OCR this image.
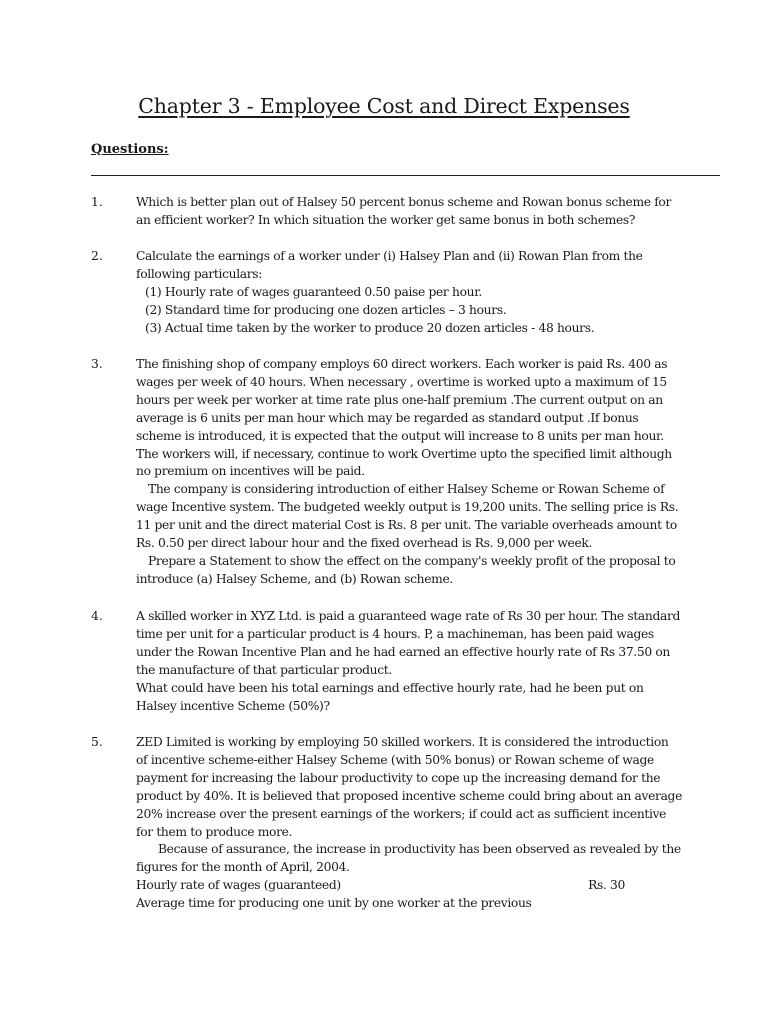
Chapter 3 - Employee Cost and Direct Expenses
Questions:
1.	Which is better plan out of Halsey 50 percent bonus scheme and Rowan bonus scheme for
an efficient worker? In which situation the worker get same bonus in both schemes?
2.	Calculate the earnings of a worker under (i) Halsey Plan and (ii) Rowan Plan from the
following particulars:
(1) Hourly rate of wages guaranteed 0.50 paise per hour.
(2) Standard time for producing one dozen articles – 3 hours.
(3) Actual time taken by the worker to produce 20 dozen articles - 48 hours.
3.	The finishing shop of company employs 60 direct workers. Each worker is paid Rs. 400 as
wages per week of 40 hours. When necessary , overtime is worked upto a maximum of 15
hours per week per worker at time rate plus one-half premium .The current output on an
average is 6 units per man hour which may be regarded as standard output .If bonus
scheme is introduced, it is expected that the output will increase to 8 units per man hour.
The workers will, if necessary, continue to work Overtime upto the specified limit although
no premium on incentives will be paid.
The company is considering introduction of either Halsey Scheme or Rowan Scheme of
wage Incentive system. The budgeted weekly output is 19,200 units. The selling price is Rs.
11 per unit and the direct material Cost is Rs. 8 per unit. The variable overheads amount to
Rs. 0.50 per direct labour hour and the fixed overhead is Rs. 9,000 per week.
Prepare a Statement to show the effect on the company's weekly profit of the proposal to
introduce (a) Halsey Scheme, and (b) Rowan scheme.
4.	A skilled worker in XYZ Ltd. is paid a guaranteed wage rate of Rs 30 per hour. The standard
time per unit for a particular product is 4 hours. P, a machineman, has been paid wages
under the Rowan Incentive Plan and he had earned an effective hourly rate of Rs 37.50 on
the manufacture of that particular product.
What could have been his total earnings and effective hourly rate, had he been put on
Halsey incentive Scheme (50%)?
5.	ZED Limited is working by employing 50 skilled workers. It is considered the introduction
of incentive scheme-either Halsey Scheme (with 50% bonus) or Rowan scheme of wage
payment for increasing the labour productivity to cope up the increasing demand for the
product by 40%. It is believed that proposed incentive scheme could bring about an average
20% increase over the present earnings of the workers; if could act as sufficient incentive
for them to produce more.
Because of assurance, the increase in productivity has been observed as revealed by the
figures for the month of April, 2004.
Hourly rate of wages (guaranteed)	Rs. 30
Average time for producing one unit by one worker at the previous
